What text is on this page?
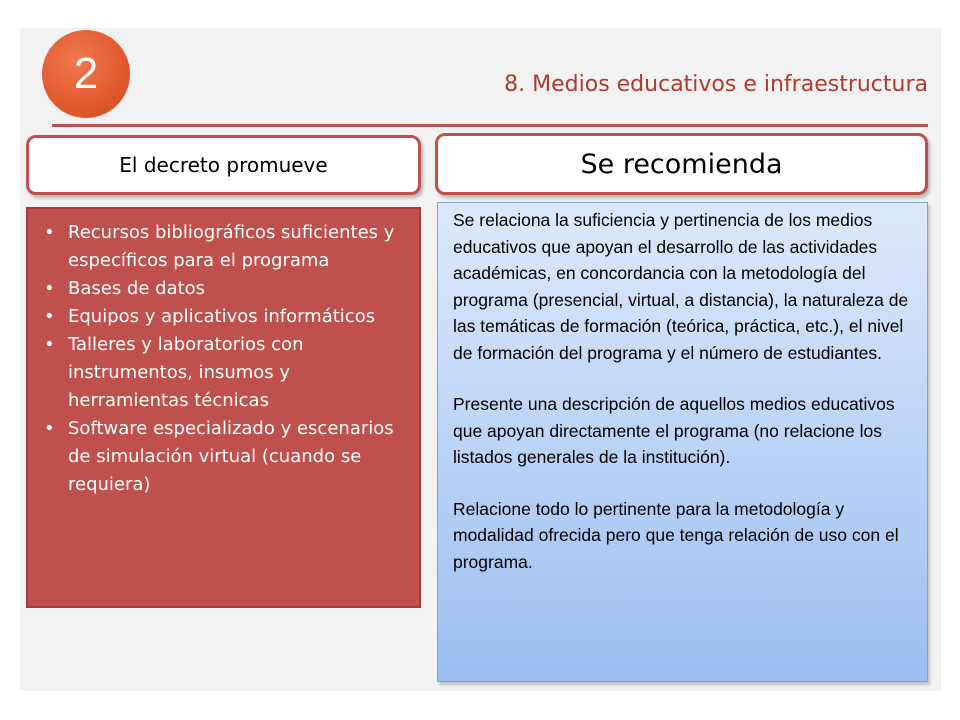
2	8. Medios educativos e infraestructura
El decreto promueve	Se recomienda
• Recursos bibliográficos suficientes y específicos para el programa
• Bases de datos
• Equipos y aplicativos informáticos
• Talleres y laboratorios con instrumentos, insumos y herramientas técnicas
• Software especializado y escenarios de simulación virtual (cuando se requiera)

Se relaciona la suficiencia y pertinencia de los medios educativos que apoyan el desarrollo de las actividades académicas, en concordancia con la metodología del programa (presencial, virtual, a distancia), la naturaleza de las temáticas de formación (teórica, práctica, etc.), el nivel de formación del programa y el número de estudiantes.

Presente una descripción de aquellos medios educativos que apoyan directamente el programa (no relacione los listados generales de la institución).

Relacione todo lo pertinente para la metodología y modalidad ofrecida pero que tenga relación de uso con el programa.
